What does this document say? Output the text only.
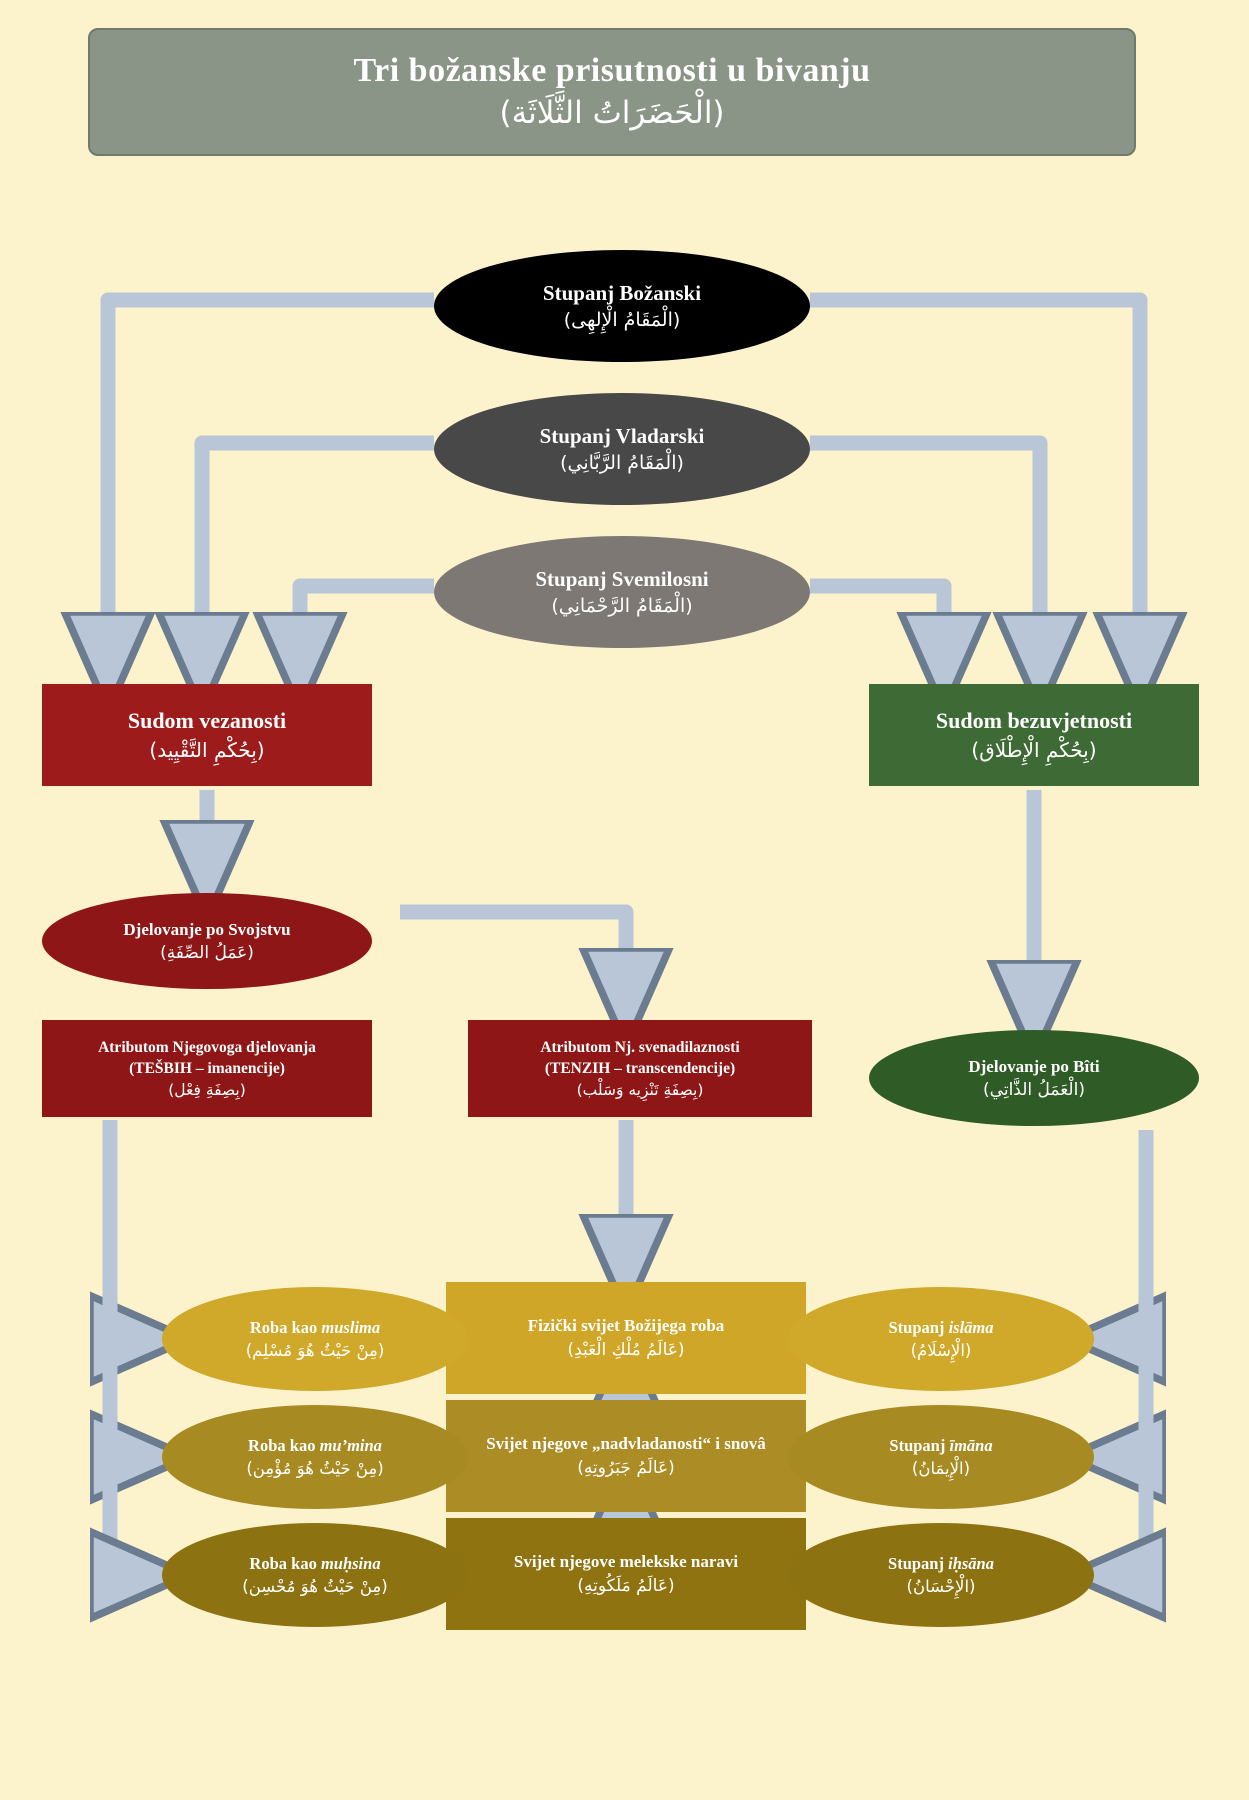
Tri božanske prisutnosti u bivanju
(الْحَضَرَاتُ الثَّلَاثَة)
Stupanj Božanski
(الْمَقَامُ الْإِلهِى)
Stupanj Vladarski
(الْمَقَامُ الرَّبَّانِي)
Stupanj Svemilosni
(الْمَقَامُ الرَّحْمَانِي)
Sudom vezanosti
(بِحُكْمِ التَّقْيِيد)
Sudom bezuvjetnosti
(بِحُكْمِ الْإِطْلَاق)
Djelovanje po Svojstvu
(عَمَلُ الصِّفَةِ)
Djelovanje po Bîti
(الْعَمَلُ الذَّاتِي)
Atributom Njegovoga djelovanja
(TEŠBIH – imanencije)
(بِصِفَةِ فِعْل)
Atributom Nj. svenadilaznosti
(TENZIH – transcendencije)
(بِصِفَةِ تَنْزِيه وَسَلْب)
Fizički svijet Božijega roba
(عَالَمُ مُلْكِ الْعَبْدِ)
Svijet njegove „nadvladanosti“ i snovâ
(عَالَمُ جَبَرُوتِهِ)
Svijet njegove melekske naravi
(عَالَمُ مَلَكُوتِهِ)
Roba kao muslima
(مِنْ حَيْثُ هُوَ مُسْلِم)
Roba kao mu’mina
(مِنْ حَيْثُ هُوَ مُؤْمِن)
Roba kao muḥsina
(مِنْ حَيْثُ هُوَ مُحْسِن)
Stupanj islāma
(الْإِسْلَامُ)
Stupanj īmāna
(الْإِيمَانُ)
Stupanj iḥsāna
(الْإِحْسَانُ)
